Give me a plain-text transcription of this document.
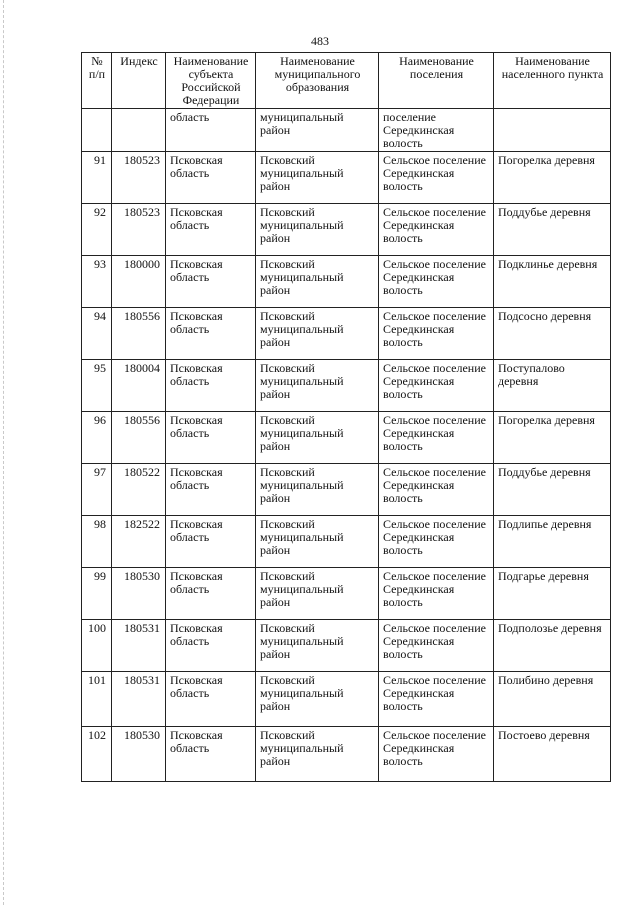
483
№ п/п	Индекс	Наименование субъекта Российской Федерации	Наименование муниципального образования	Наименование поселения	Наименование населенного пункта
		область	муниципальный район	поселение Середкинская волость	
91	180523	Псковская область	Псковский муниципальный район	Сельское поселение Середкинская волость	Погорелка деревня
92	180523	Псковская область	Псковский муниципальный район	Сельское поселение Середкинская волость	Поддубье деревня
93	180000	Псковская область	Псковский муниципальный район	Сельское поселение Середкинская волость	Подклинье деревня
94	180556	Псковская область	Псковский муниципальный район	Сельское поселение Середкинская волость	Подсосно деревня
95	180004	Псковская область	Псковский муниципальный район	Сельское поселение Середкинская волость	Поступалово деревня
96	180556	Псковская область	Псковский муниципальный район	Сельское поселение Середкинская волость	Погорелка деревня
97	180522	Псковская область	Псковский муниципальный район	Сельское поселение Середкинская волость	Поддубье деревня
98	182522	Псковская область	Псковский муниципальный район	Сельское поселение Середкинская волость	Подлипье деревня
99	180530	Псковская область	Псковский муниципальный район	Сельское поселение Середкинская волость	Подгарье деревня
100	180531	Псковская область	Псковский муниципальный район	Сельское поселение Середкинская волость	Подполозье деревня
101	180531	Псковская область	Псковский муниципальный район	Сельское поселение Середкинская волость	Полибино деревня
102	180530	Псковская область	Псковский муниципальный район	Сельское поселение Середкинская волость	Постоево деревня
